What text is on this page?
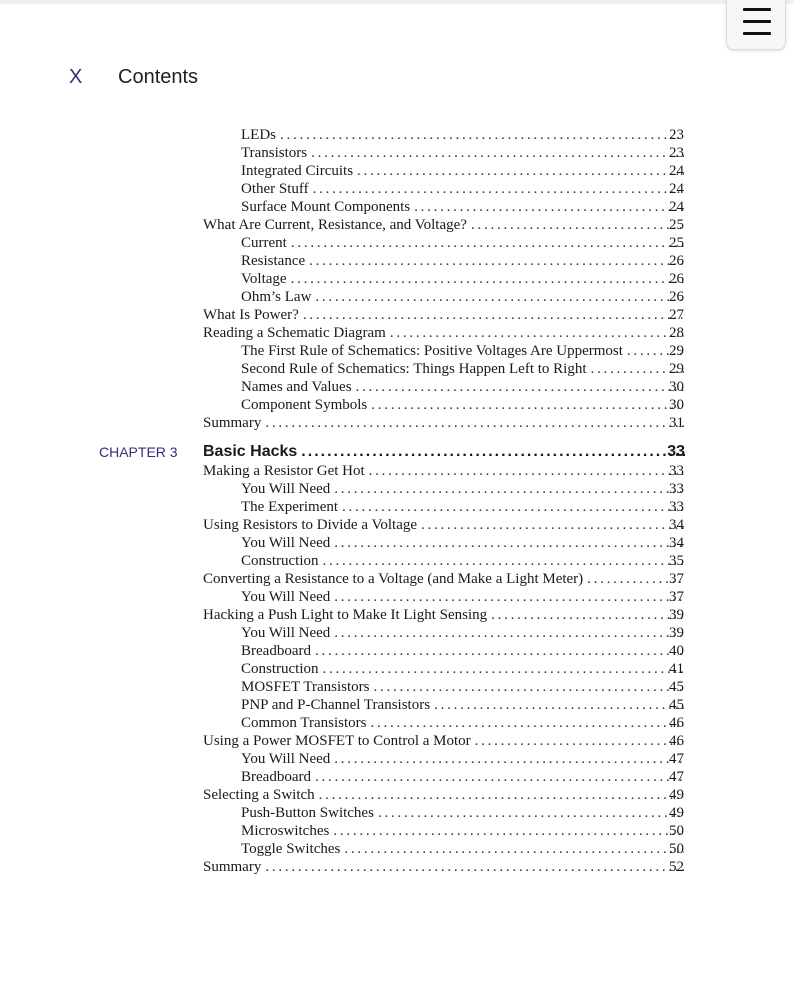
X Contents
LEDs . . .	23
Transistors . . .	23
Integrated Circuits . . .	24
Other Stuff . . .	24
Surface Mount Components . . .	24
What Are Current, Resistance, and Voltage? . . .	25
Current . . .	25
Resistance . . .	26
Voltage . . .	26
Ohm’s Law . . .	26
What Is Power? . . .	27
Reading a Schematic Diagram . . .	28
The First Rule of Schematics: Positive Voltages Are Uppermost . . .	29
Second Rule of Schematics: Things Happen Left to Right . . .	29
Names and Values . . .	30
Component Symbols . . .	30
Summary . . .	31
CHAPTER 3 Basic Hacks .....	33
Making a Resistor Get Hot . . .	33
You Will Need . . .	33
The Experiment . . .	33
Using Resistors to Divide a Voltage . . .	34
You Will Need . . .	34
Construction . . .	35
Converting a Resistance to a Voltage (and Make a Light Meter) . . .	37
You Will Need . . .	37
Hacking a Push Light to Make It Light Sensing . . .	39
You Will Need . . .	39
Breadboard . . .	40
Construction . . .	41
MOSFET Transistors . . .	45
PNP and P-Channel Transistors . . .	45
Common Transistors . . .	46
Using a Power MOSFET to Control a Motor . . .	46
You Will Need . . .	47
Breadboard . . .	47
Selecting a Switch . . .	49
Push-Button Switches . . .	49
Microswitches . . .	50
Toggle Switches . . .	50
Summary . . .	52
